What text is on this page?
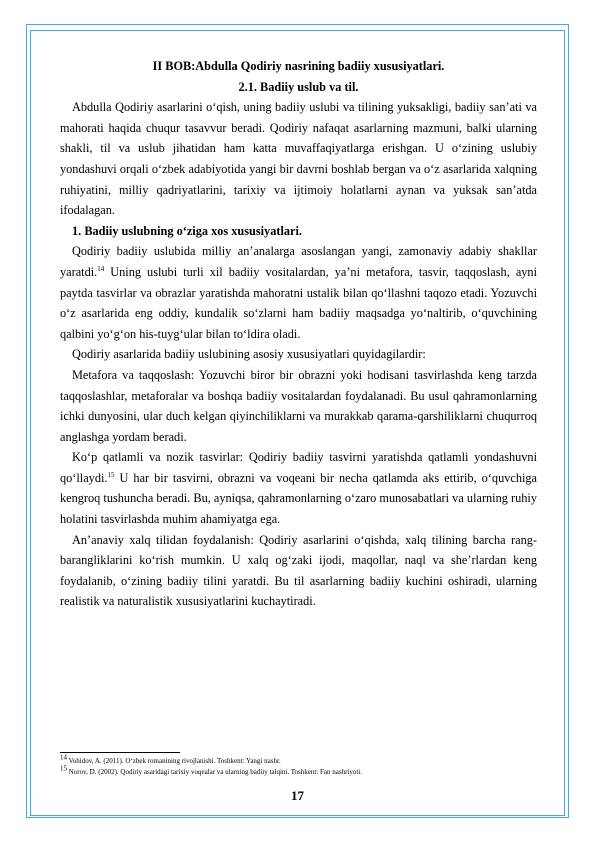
II BOB:Abdulla Qodiriy nasrining badiiy xususiyatlari.
2.1. Badiiy uslub va til.

Abdulla Qodiriy asarlarini o‘qish, uning badiiy uslubi va tilining yuksakligi, badiiy san’ati va mahorati haqida chuqur tasavvur beradi. Qodiriy nafaqat asarlarning mazmuni, balki ularning shakli, til va uslub jihatidan ham katta muvaffaqiyatlarga erishgan. U o‘zining uslubiy yondashuvi orqali o‘zbek adabiyotida yangi bir davrni boshlab bergan va o‘z asarlarida xalqning ruhiyatini, milliy qadriyatlarini, tarixiy va ijtimoiy holatlarni aynan va yuksak san’atda ifodalagan.

1. Badiiy uslubning o‘ziga xos xususiyatlari.

Qodiriy badiiy uslubida milliy an’analarga asoslangan yangi, zamonaviy adabiy shakllar yaratdi.$^{14}$ Uning uslubi turli xil badiiy vositalardan, ya’ni metafora, tasvir, taqqoslash, ayni paytda tasvirlar va obrazlar yaratishda mahoratni ustalik bilan qo‘llashni taqozo etadi. Yozuvchi o‘z asarlarida eng oddiy, kundalik so‘zlarni ham badiiy maqsadga yo‘naltirib, o‘quvchining qalbini yo‘g‘on his-tuyg‘ular bilan to‘ldira oladi.

Qodiriy asarlarida badiiy uslubining asosiy xususiyatlari quyidagilardir:

Metafora va taqqoslash: Yozuvchi biror bir obrazni yoki hodisani tasvirlashda keng tarzda taqqoslashlar, metaforalar va boshqa badiiy vositalardan foydalanadi. Bu usul qahramonlarning ichki dunyosini, ular duch kelgan qiyinchiliklarni va murakkab qarama-qarshiliklarni chuqurroq anglashga yordam beradi.

Ko‘p qatlamli va nozik tasvirlar: Qodiriy badiiy tasvirni yaratishda qatlamli yondashuvni qo‘llaydi.$^{15}$ U har bir tasvirni, obrazni va voqeani bir necha qatlamda aks ettirib, o‘quvchiga kengroq tushuncha beradi. Bu, ayniqsa, qahramonlarning o‘zaro munosabatlari va ularning ruhiy holatini tasvirlashda muhim ahamiyatga ega.

An’anaviy xalq tilidan foydalanish: Qodiriy asarlarini o‘qishda, xalq tilining barcha rang-barangliklarini ko‘rish mumkin. U xalq og‘zaki ijodi, maqollar, naql va she’rlardan keng foydalanib, o‘zining badiiy tilini yaratdi. Bu til asarlarning badiiy kuchini oshiradi, ularning realistik va naturalistik xususiyatlarini kuchaytiradi.

$^{14}$ Vohidov, A. (2011). O‘zbek romanining rivojlanishi. Toshkent: Yangi nashr.
$^{15}$ Norov, D. (2002). Qodiriy asaridagi tarixiy voqealar va ularning badiiy talqini. Toshkent: Fan nashriyoti.
17
